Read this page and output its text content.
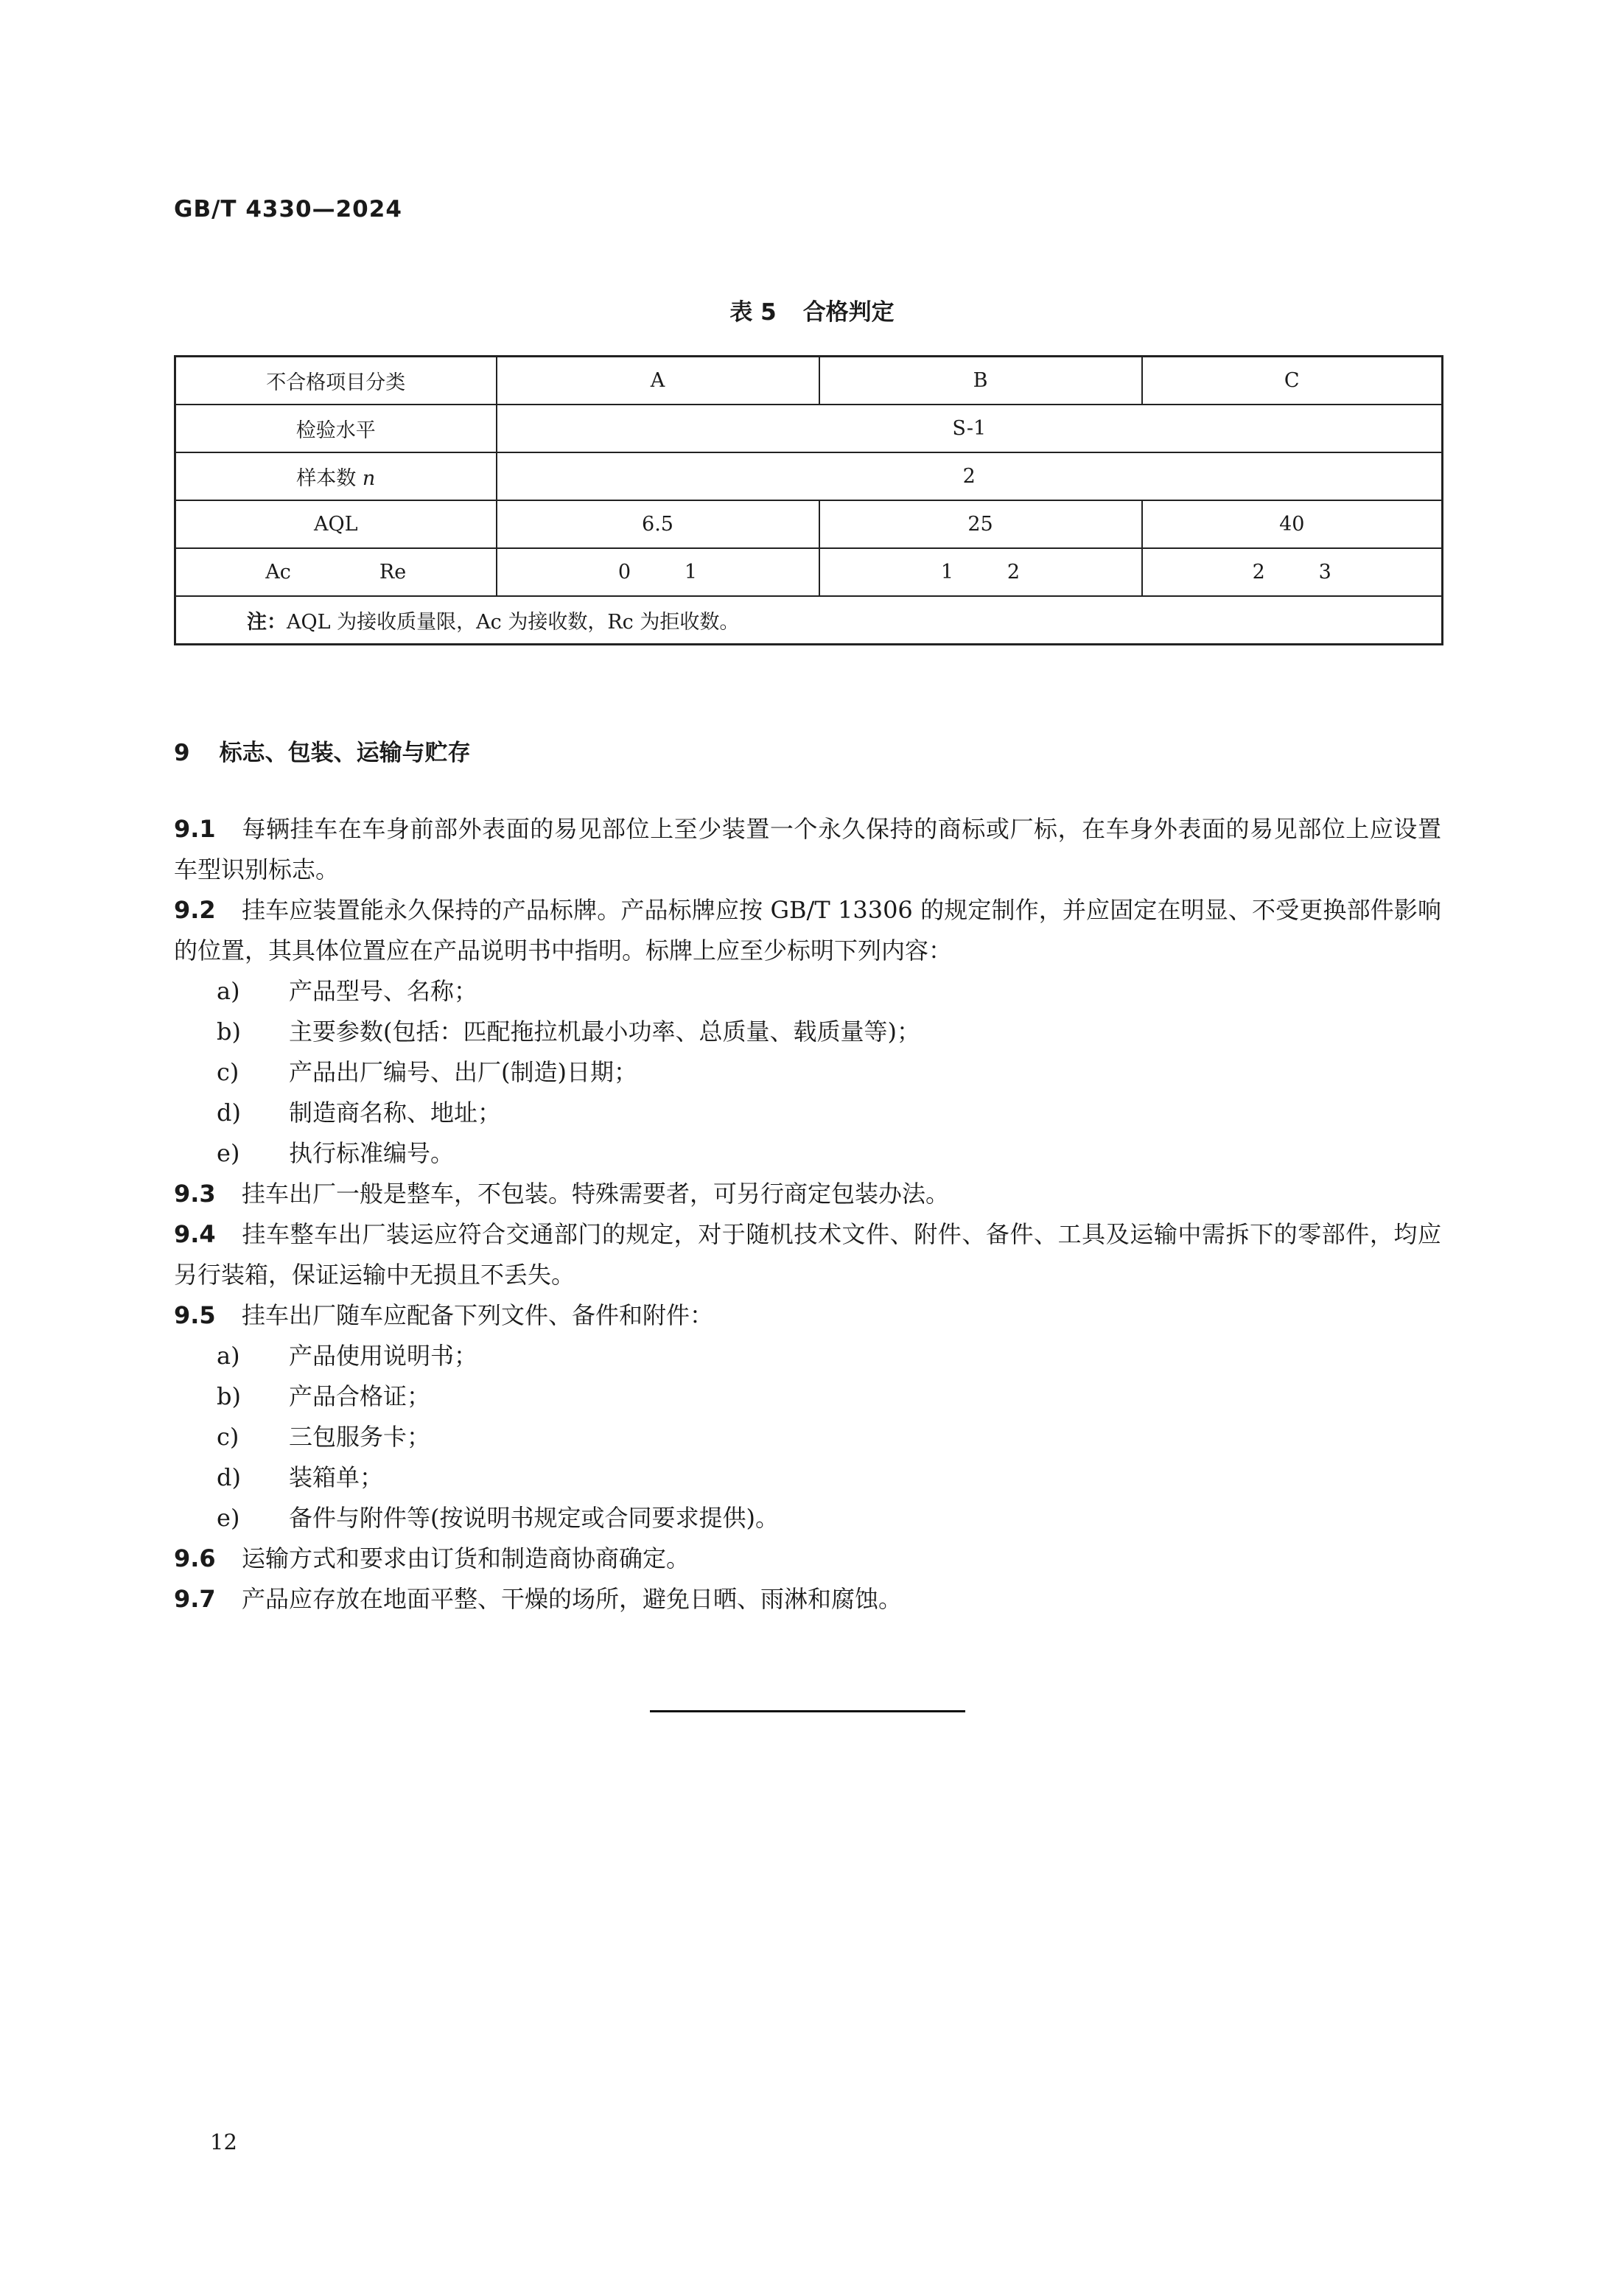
GB/T 4330—2024
表 5 合格判定
不合格项目分类	A	B	C
检验水平	S-1		
样本数 n	2		
AQL	6.5	25	40
Ac Re	0 1	1 2	2 3
注：AQL 为接收质量限，Ac 为接收数，Rc 为拒收数。			
9 标志、包装、运输与贮存

9.1 每辆挂车在车身前部外表面的易见部位上至少装置一个永久保持的商标或厂标，在车身外表面的易见部位上应设置车型识别标志。

9.2 挂车应装置能永久保持的产品标牌。产品标牌应按 GB/T 13306 的规定制作，并应固定在明显、不受更换部件影响的位置，其具体位置应在产品说明书中指明。标牌上应至少标明下列内容：

a)	产品型号、名称；
b)	主要参数(包括：匹配拖拉机最小功率、总质量、载质量等)；
c)	产品出厂编号、出厂(制造)日期；
d)	制造商名称、地址；
e)	执行标准编号。

9.3 挂车出厂一般是整车，不包装。特殊需要者，可另行商定包装办法。

9.4 挂车整车出厂装运应符合交通部门的规定，对于随机技术文件、附件、备件、工具及运输中需拆下的零部件，均应另行装箱，保证运输中无损且不丢失。

9.5 挂车出厂随车应配备下列文件、备件和附件：

a)	产品使用说明书；
b)	产品合格证；
c)	三包服务卡；
d)	装箱单；
e)	备件与附件等(按说明书规定或合同要求提供)。

9.6 运输方式和要求由订货和制造商协商确定。

9.7 产品应存放在地面平整、干燥的场所，避免日晒、雨淋和腐蚀。

12
